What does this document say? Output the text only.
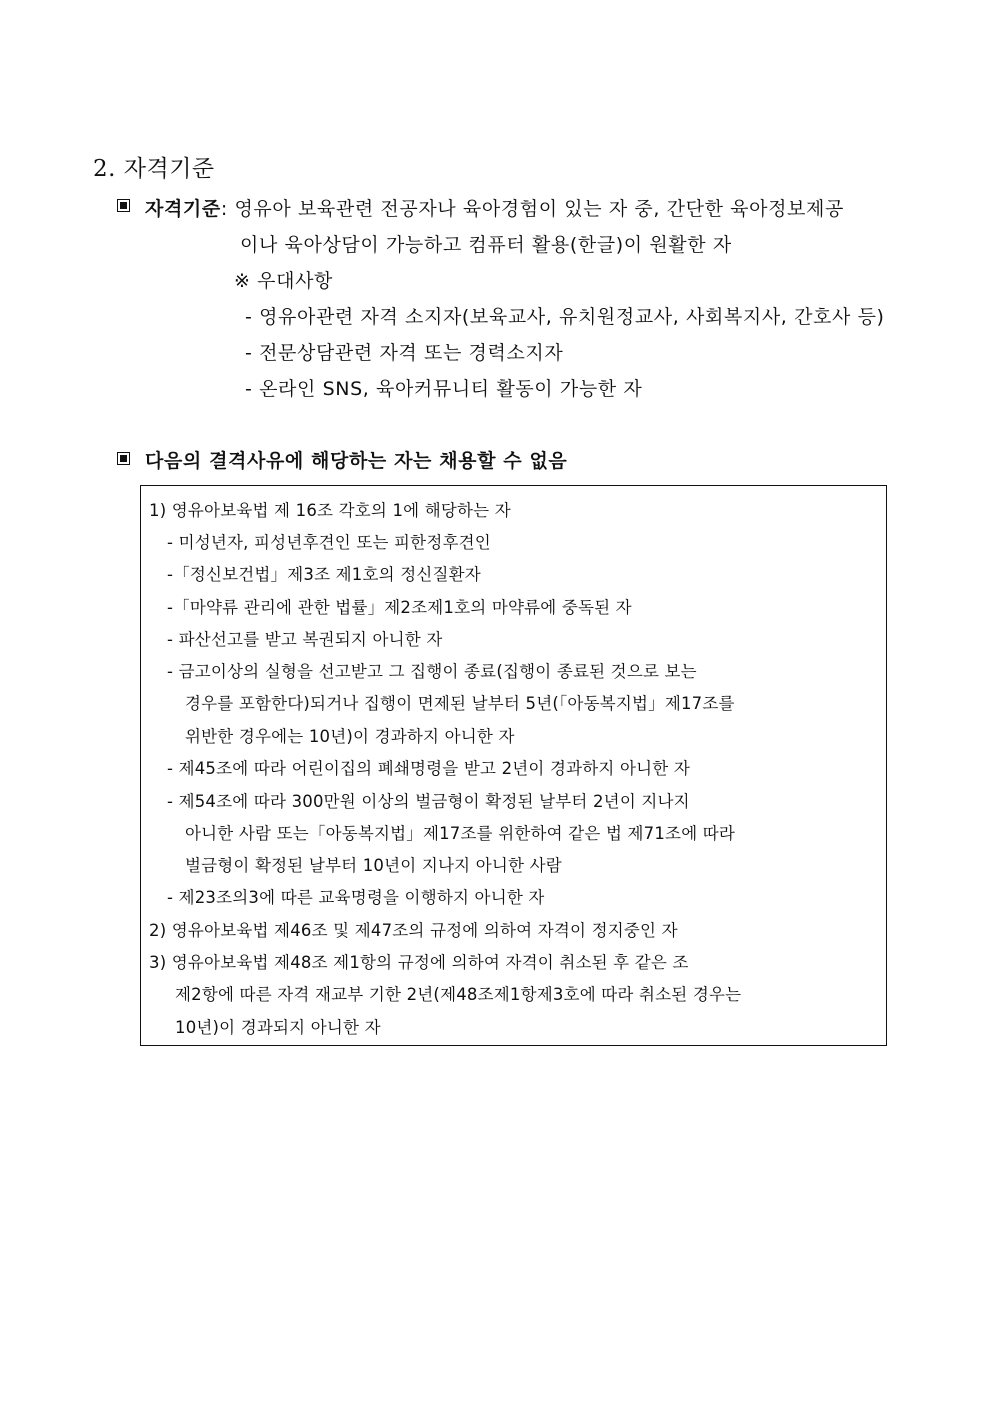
2. 자격기준
자격기준: 영유아 보육관련 전공자나 육아경험이 있는 자 중, 간단한 육아정보제공
이나 육아상담이 가능하고 컴퓨터 활용(한글)이 원활한 자
※ 우대사항
- 영유아관련 자격 소지자(보육교사, 유치원정교사, 사회복지사, 간호사 등)
- 전문상담관련 자격 또는 경력소지자
- 온라인 SNS, 육아커뮤니티 활동이 가능한 자
다음의 결격사유에 해당하는 자는 채용할 수 없음
1) 영유아보육법 제 16조 각호의 1에 해당하는 자
- 미성년자, 피성년후견인 또는 피한정후견인
-「정신보건법」제3조 제1호의 정신질환자
-「마약류 관리에 관한 법률」제2조제1호의 마약류에 중독된 자
- 파산선고를 받고 복권되지 아니한 자
- 금고이상의 실형을 선고받고 그 집행이 종료(집행이 종료된 것으로 보는
경우를 포함한다)되거나 집행이 면제된 날부터 5년(「아동복지법」제17조를
위반한 경우에는 10년)이 경과하지 아니한 자
- 제45조에 따라 어린이집의 폐쇄명령을 받고 2년이 경과하지 아니한 자
- 제54조에 따라 300만원 이상의 벌금형이 확정된 날부터 2년이 지나지
아니한 사람 또는「아동복지법」제17조를 위한하여 같은 법 제71조에 따라
벌금형이 확정된 날부터 10년이 지나지 아니한 사람
- 제23조의3에 따른 교육명령을 이행하지 아니한 자
2) 영유아보육법 제46조 및 제47조의 규정에 의하여 자격이 정지중인 자
3) 영유아보육법 제48조 제1항의 규정에 의하여 자격이 취소된 후 같은 조
제2항에 따른 자격 재교부 기한 2년(제48조제1항제3호에 따라 취소된 경우는
10년)이 경과되지 아니한 자
